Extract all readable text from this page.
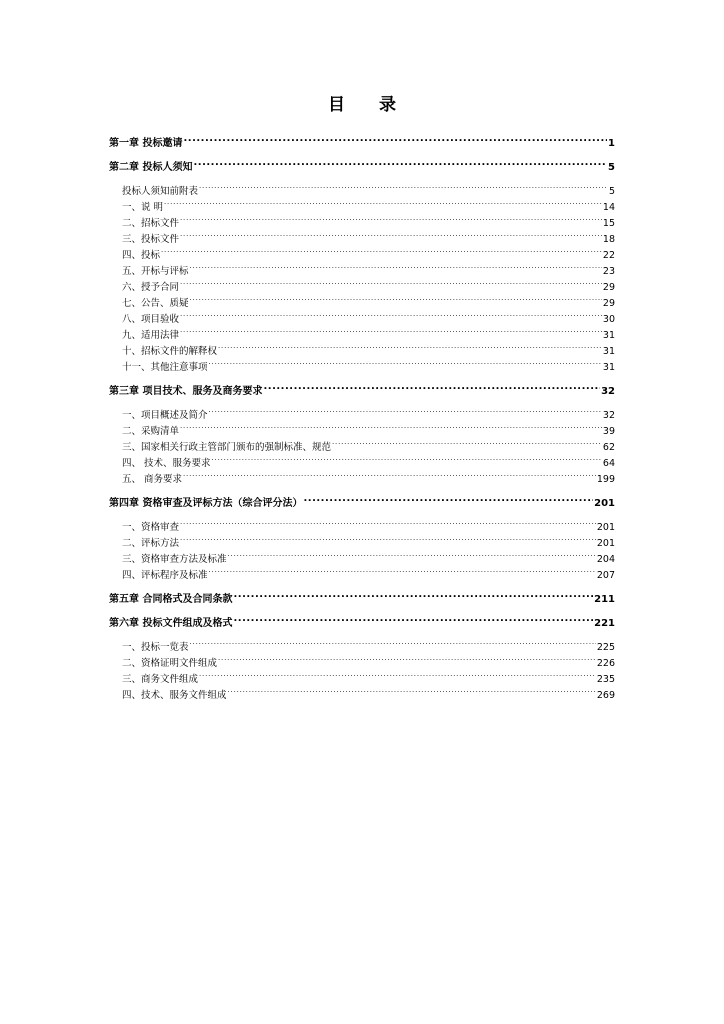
目 录
第一章 投标邀请 .....	1
第二章 投标人须知 .....	5
投标人须知前附表 .....	5
一、说 明 .....	14
二、招标文件 .....	15
三、投标文件 .....	18
四、投标 .....	22
五、开标与评标 .....	23
六、授予合同 .....	29
七、公告、质疑 .....	29
八、项目验收 .....	30
九、适用法律 .....	31
十、招标文件的解释权 .....	31
十一、其他注意事项 .....	31
第三章 项目技术、服务及商务要求 .....	32
一、项目概述及简介 .....	32
二、采购清单 .....	39
三、国家相关行政主管部门颁布的强制标准、规范 .....	62
四、 技术、服务要求 .....	64
五、 商务要求 .....	199
第四章 资格审查及评标方法（综合评分法） .....	201
一、资格审查 .....	201
二、评标方法 .....	201
三、资格审查方法及标准 .....	204
四、评标程序及标准 .....	207
第五章 合同格式及合同条款 .....	211
第六章 投标文件组成及格式 .....	221
一、投标一览表 .....	225
二、资格证明文件组成 .....	226
三、商务文件组成 .....	235
四、技术、服务文件组成 .....	269
